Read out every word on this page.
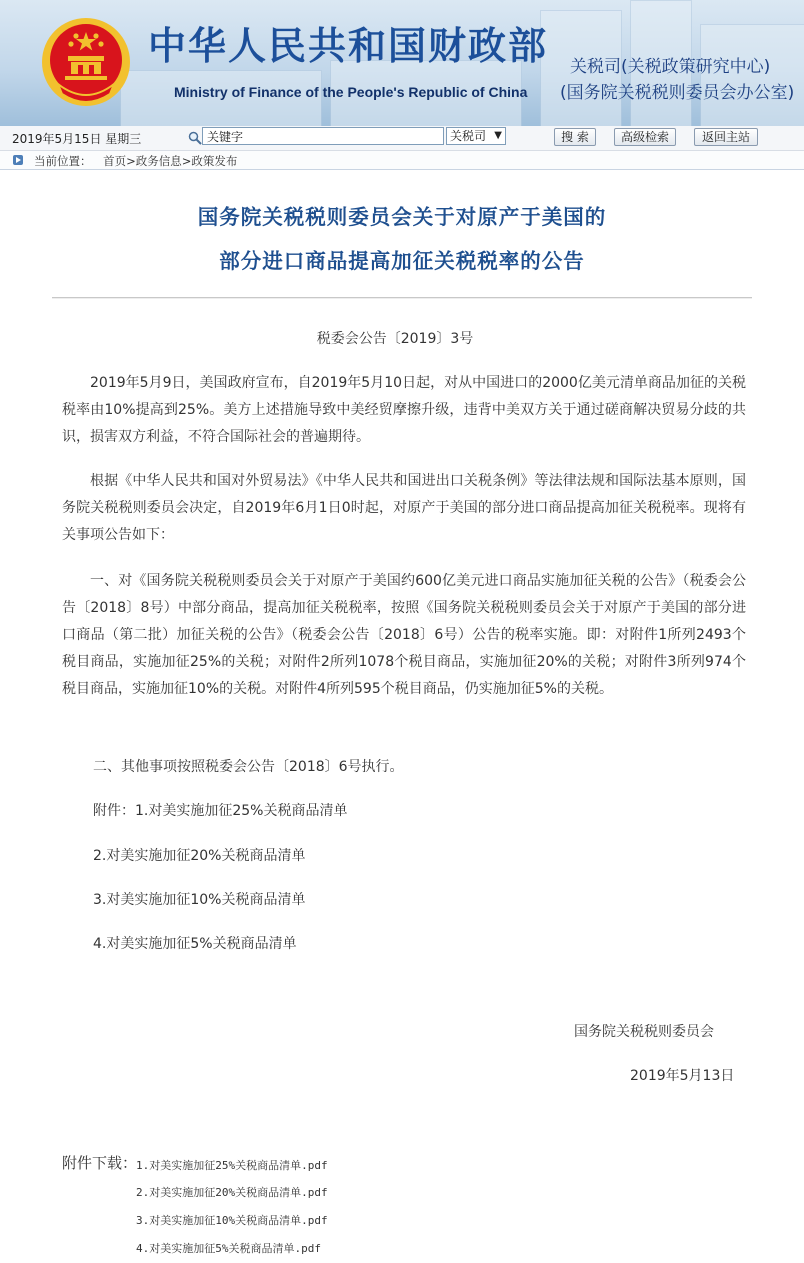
中华人民共和国财政部
Ministry of Finance of the People's Republic of China
关税司(关税政策研究中心)
(国务院关税税则委员会办公室)
2019年5月15日 星期三
关键字	关税司 ▼	搜 索	高级检索	返回主站
当前位置： 首页>政务信息>政策发布
国务院关税税则委员会关于对原产于美国的
部分进口商品提高加征关税税率的公告
税委会公告〔2019〕3号
2019年5月9日，美国政府宣布，自2019年5月10日起，对从中国进口的2000亿美元清单商品加征的关税税率由10%提高到25%。美方上述措施导致中美经贸摩擦升级，违背中美双方关于通过磋商解决贸易分歧的共识，损害双方利益，不符合国际社会的普遍期待。
根据《中华人民共和国对外贸易法》《中华人民共和国进出口关税条例》等法律法规和国际法基本原则，国务院关税税则委员会决定，自2019年6月1日0时起，对原产于美国的部分进口商品提高加征关税税率。现将有关事项公告如下：
一、对《国务院关税税则委员会关于对原产于美国约600亿美元进口商品实施加征关税的公告》（税委会公告〔2018〕8号）中部分商品，提高加征关税税率，按照《国务院关税税则委员会关于对原产于美国的部分进口商品（第二批）加征关税的公告》（税委会公告〔2018〕6号）公告的税率实施。即：对附件1所列2493个税目商品，实施加征25%的关税；对附件2所列1078个税目商品，实施加征20%的关税；对附件3所列974个税目商品，实施加征10%的关税。对附件4所列595个税目商品，仍实施加征5%的关税。
二、其他事项按照税委会公告〔2018〕6号执行。
附件：1.对美实施加征25%关税商品清单
2.对美实施加征20%关税商品清单
3.对美实施加征10%关税商品清单
4.对美实施加征5%关税商品清单
国务院关税税则委员会
2019年5月13日
附件下载：
1.对美实施加征25%关税商品清单.pdf
2.对美实施加征20%关税商品清单.pdf
3.对美实施加征10%关税商品清单.pdf
4.对美实施加征5%关税商品清单.pdf
